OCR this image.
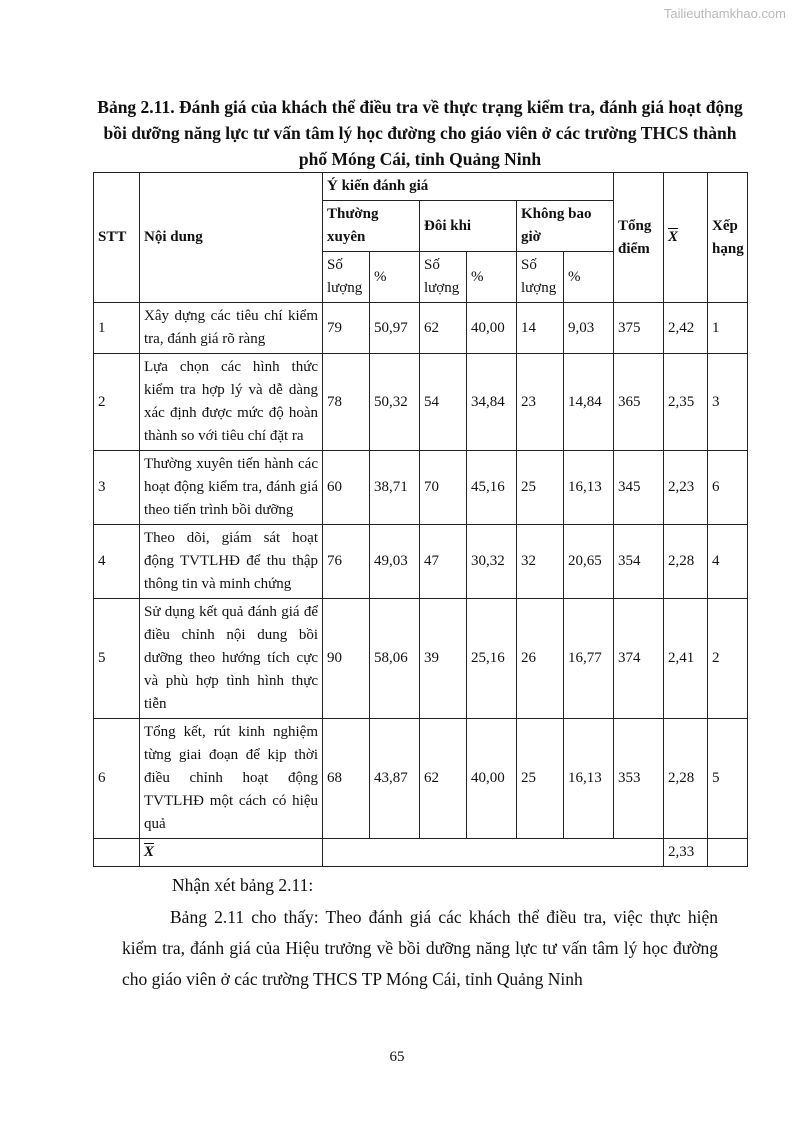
Tailieuthamkhao.com
Bảng 2.11. Đánh giá của khách thể điều tra về thực trạng kiểm tra, đánh giá hoạt động bồi dưỡng năng lực tư vấn tâm lý học đường cho giáo viên ở các trường THCS thành phố Móng Cái, tỉnh Quảng Ninh
STT	Nội dung	Ý kiến đánh giá						Tổng điểm	$\overline{X}$	Xếp hạng
		Thường xuyên		Đôi khi		Không bao giờ				
		Số lượng	%	Số lượng	%	Số lượng	%			
1	Xây dựng các tiêu chí kiểm tra, đánh giá rõ ràng	79	50,97	62	40,00	14	9,03	375	2,42	1
2	Lựa chọn các hình thức kiểm tra hợp lý và dễ dàng xác định được mức độ hoàn thành so với tiêu chí đặt ra	78	50,32	54	34,84	23	14,84	365	2,35	3
3	Thường xuyên tiến hành các hoạt động kiểm tra, đánh giá theo tiến trình bồi dưỡng	60	38,71	70	45,16	25	16,13	345	2,23	6
4	Theo dõi, giám sát hoạt động TVTLHĐ để thu thập thông tin và minh chứng	76	49,03	47	30,32	32	20,65	354	2,28	4
5	Sử dụng kết quả đánh giá để điều chỉnh nội dung bồi dưỡng theo hướng tích cực và phù hợp tình hình thực tiễn	90	58,06	39	25,16	26	16,77	374	2,41	2
6	Tổng kết, rút kinh nghiệm từng giai đoạn để kịp thời điều chỉnh hoạt động TVTLHĐ một cách có hiệu quả	68	43,87	62	40,00	25	16,13	353	2,28	5
	$\overline{X}$								2,33	
Nhận xét bảng 2.11:
Bảng 2.11 cho thấy: Theo đánh giá các khách thể điều tra, việc thực hiện kiểm tra, đánh giá của Hiệu trưởng về bồi dưỡng năng lực tư vấn tâm lý học đường cho giáo viên ở các trường THCS TP Móng Cái, tỉnh Quảng Ninh
65
